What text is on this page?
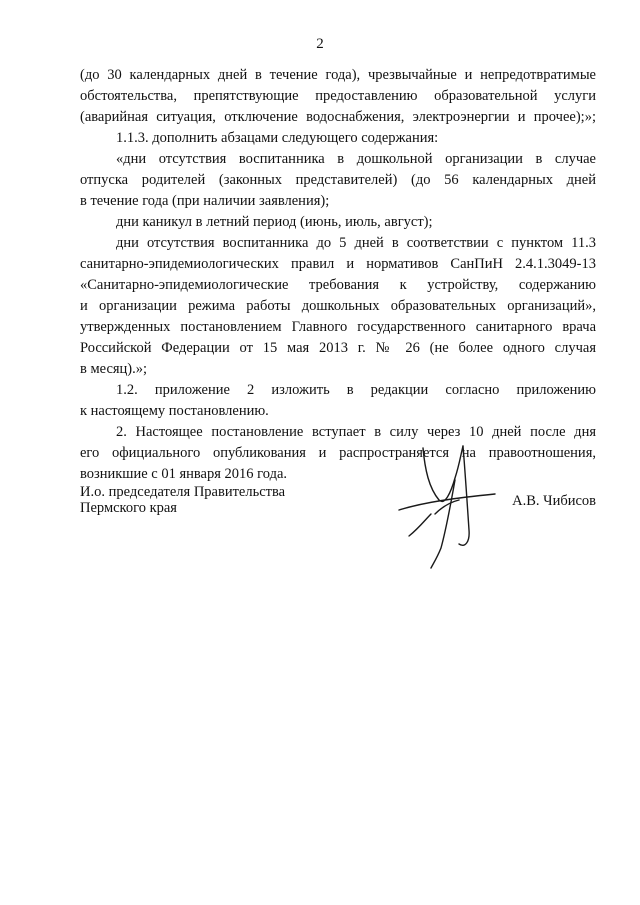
2
(до 30 календарных дней в течение года), чрезвычайные и непредотвратимые
обстоятельства, препятствующие предоставлению образовательной услуги
(аварийная ситуация, отключение водоснабжения, электроэнергии и прочее);»;
1.1.3. дополнить абзацами следующего содержания:
«дни отсутствия воспитанника в дошкольной организации в случае
отпуска родителей (законных представителей) (до 56 календарных дней
в течение года (при наличии заявления);
дни каникул в летний период (июнь, июль, август);
дни отсутствия воспитанника до 5 дней в соответствии с пунктом 11.3
санитарно-эпидемиологических правил и нормативов СанПиН 2.4.1.3049-13
«Санитарно-эпидемиологические требования к устройству, содержанию
и организации режима работы дошкольных образовательных организаций»,
утвержденных постановлением Главного государственного санитарного врача
Российской Федерации от 15 мая 2013 г. № 26 (не более одного случая
в месяц).»;
1.2. приложение 2 изложить в редакции согласно приложению
к настоящему постановлению.
2. Настоящее постановление вступает в силу через 10 дней после дня
его официального опубликования и распространяется на правоотношения,
возникшие с 01 января 2016 года.
И.о. председателя Правительства
Пермского края	А.В. Чибисов
